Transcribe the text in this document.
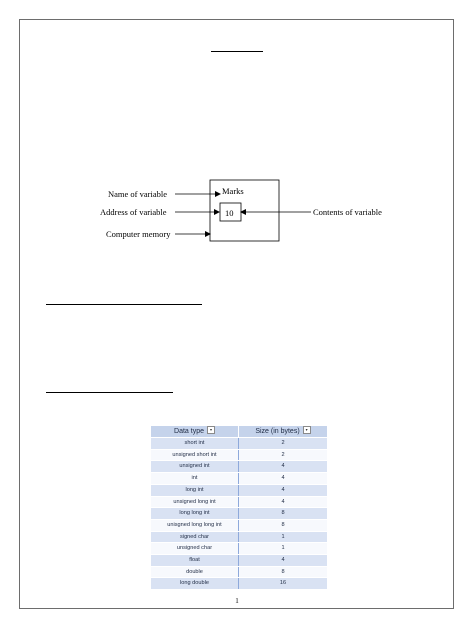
Name of variable
Address of variable
Computer memory
Marks
10	Contents of variable
Data type ▾	Size (in bytes) ▾
short int	2
unsigned short int	2
unsigned int	4
int	4
long int	4
unsigned long int	4
long long int	8
unisgned long long int	8
signed char	1
unsigned char	1
float	4
double	8
long double	16
1
